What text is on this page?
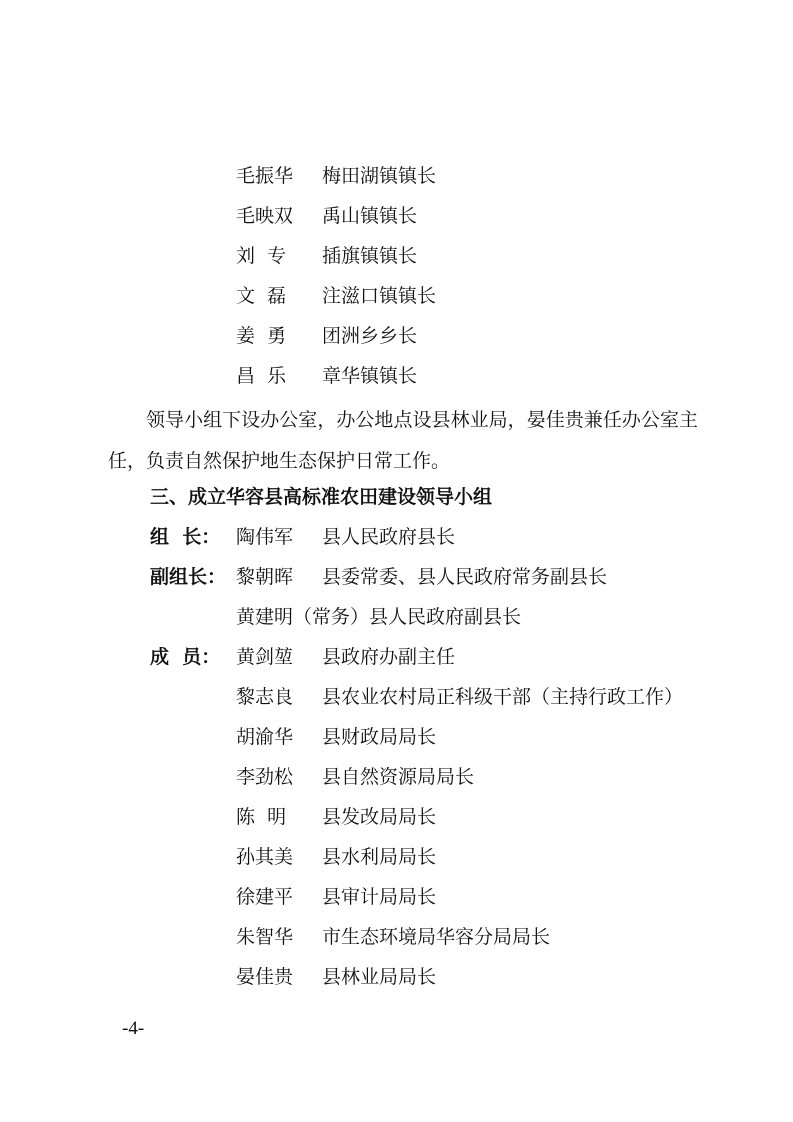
毛振华 梅田湖镇镇长
毛映双 禹山镇镇长
刘  专 插旗镇镇长
文  磊 注滋口镇镇长
姜  勇 团洲乡乡长
昌  乐 章华镇镇长
领导小组下设办公室，办公地点设县林业局，晏佳贵兼任办公室主任，负责自然保护地生态保护日常工作。
三、成立华容县高标准农田建设领导小组
组  长： 陶伟军 县人民政府县长
副组长： 黎朝晖 县委常委、县人民政府常务副县长
黄建明（常务）县人民政府副县长
成  员： 黄剑堃 县政府办副主任
黎志良 县农业农村局正科级干部（主持行政工作）
胡渝华 县财政局局长
李劲松 县自然资源局局长
陈  明 县发改局局长
孙其美 县水利局局长
徐建平 县审计局局长
朱智华 市生态环境局华容分局局长
晏佳贵 县林业局局长
-4-
